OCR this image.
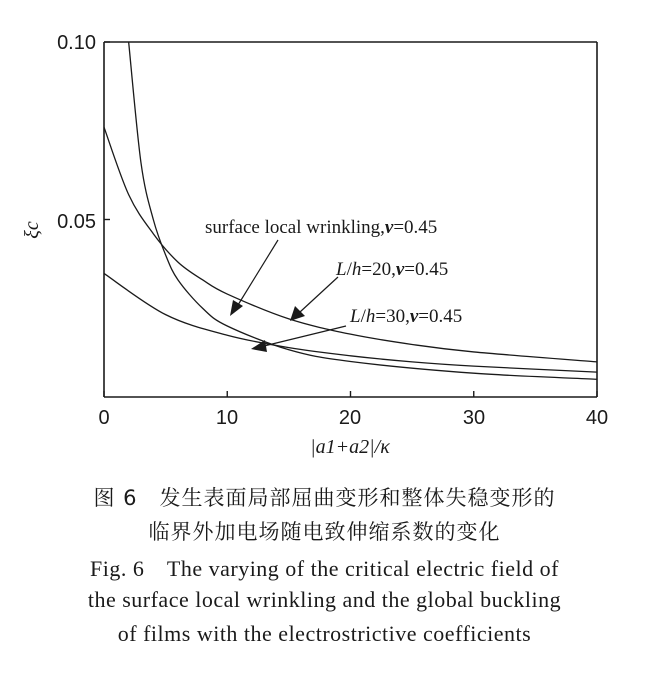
0.10
0.05
0	10	20	30	40
|a1+a2|/κ
ξc	surface local wrinkling,ν=0.45
L/h=20,ν=0.45
L/h=30,ν=0.45
图 6　发生表面局部屈曲变形和整体失稳变形的
临界外加电场随电致伸缩系数的变化
Fig. 6　The varying of the critical electric field of
the surface local wrinkling and the global buckling
of films with the electrostrictive coefficients
